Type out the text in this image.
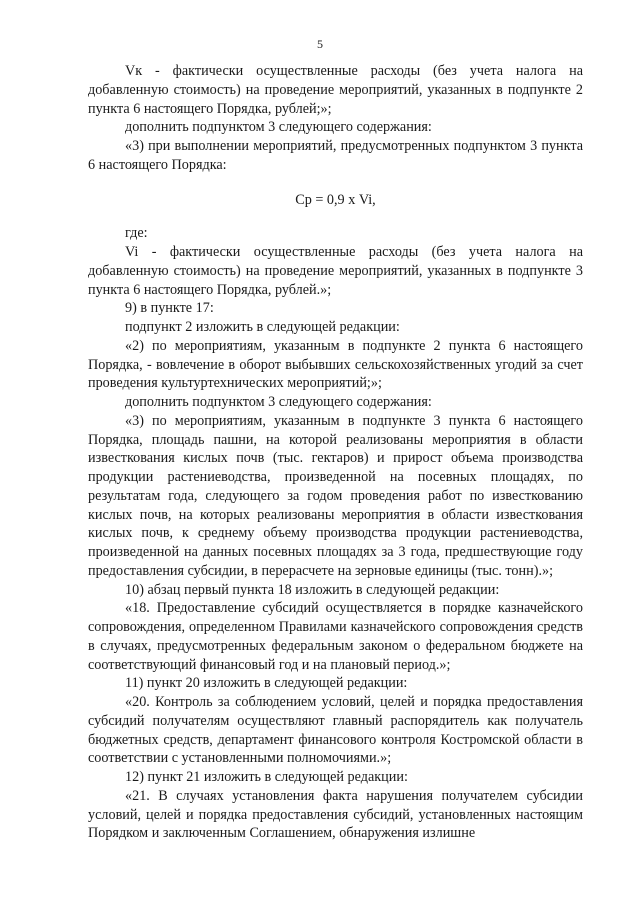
5

Vк - фактически осуществленные расходы (без учета налога на добавленную стоимость) на проведение мероприятий, указанных в подпункте 2 пункта 6 настоящего Порядка, рублей;»;

дополнить подпунктом 3 следующего содержания:

«3) при выполнении мероприятий, предусмотренных подпунктом 3 пункта 6 настоящего Порядка:

Ср = 0,9 х Vi,

где:

Vi - фактически осуществленные расходы (без учета налога на добавленную стоимость) на проведение мероприятий, указанных в подпункте 3 пункта 6 настоящего Порядка, рублей.»;

9) в пункте 17:

подпункт 2 изложить в следующей редакции:

«2) по мероприятиям, указанным в подпункте 2 пункта 6 настоящего Порядка, - вовлечение в оборот выбывших сельскохозяйственных угодий за счет проведения культуртехнических мероприятий;»;

дополнить подпунктом 3 следующего содержания:

«3) по мероприятиям, указанным в подпункте 3 пункта 6 настоящего Порядка, площадь пашни, на которой реализованы мероприятия в области известкования кислых почв (тыс. гектаров) и прирост объема производства продукции растениеводства, произведенной на посевных площадях, по результатам года, следующего за годом проведения работ по известкованию кислых почв, на которых реализованы мероприятия в области известкования кислых почв, к среднему объему производства продукции растениеводства, произведенной на данных посевных площадях за 3 года, предшествующие году предоставления субсидии, в перерасчете на зерновые единицы (тыс. тонн).»;

10) абзац первый пункта 18 изложить в следующей редакции:

«18. Предоставление субсидий осуществляется в порядке казначейского сопровождения, определенном Правилами казначейского сопровождения средств в случаях, предусмотренных федеральным законом о федеральном бюджете на соответствующий финансовый год и на плановый период.»;

11) пункт 20 изложить в следующей редакции:

«20. Контроль за соблюдением условий, целей и порядка предоставления субсидий получателям осуществляют главный распорядитель как получатель бюджетных средств, департамент финансового контроля Костромской области в соответствии с установленными полномочиями.»;

12) пункт 21 изложить в следующей редакции:

«21. В случаях установления факта нарушения получателем субсидии условий, целей и порядка предоставления субсидий, установленных настоящим Порядком и заключенным Соглашением, обнаружения излишне
